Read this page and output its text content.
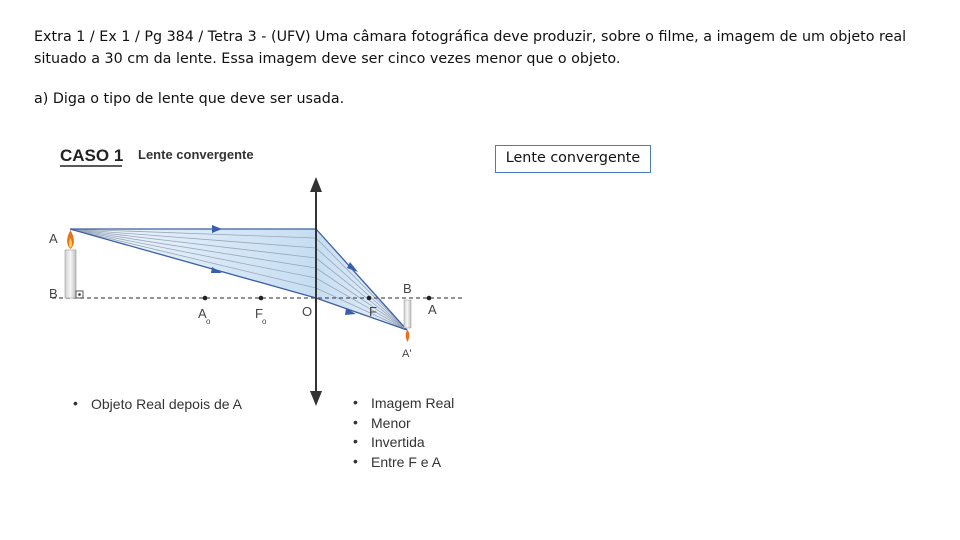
Extra 1 / Ex 1 / Pg 384 / Tetra 3 - (UFV) Uma câmara fotográfica deve produzir, sobre o filme, a imagem de um objeto real

situado a 30 cm da lente. Essa imagem deve ser cinco vezes menor que o objeto.

a) Diga o tipo de lente que deve ser usada.
Lente convergente
CASO 1 Lente convergente
A
B
A
o
F
o
O	F
B
A
A'
• Objeto Real depois de A	• Imagem Real
• Menor
• Invertida
• Entre F e A
